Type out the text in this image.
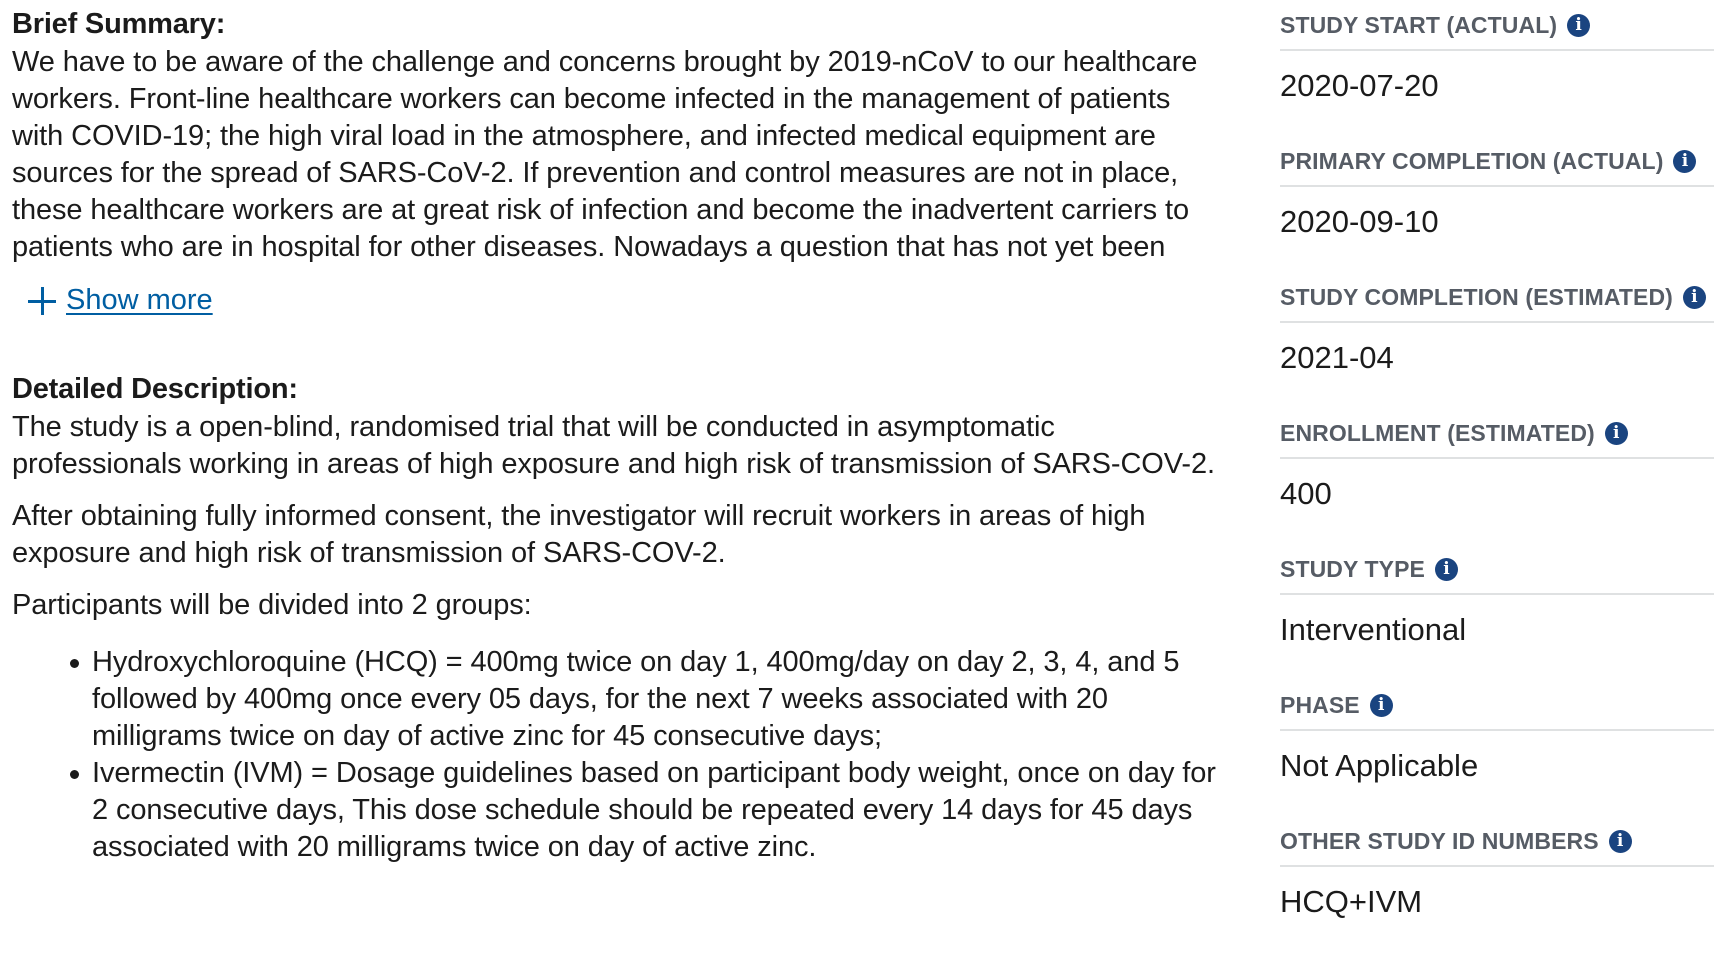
Brief Summary:

We have to be aware of the challenge and concerns brought by 2019-nCoV to our healthcare workers. Front-line healthcare workers can become infected in the management of patients with COVID-19; the high viral load in the atmosphere, and infected medical equipment are sources for the spread of SARS-CoV-2. If prevention and control measures are not in place, these healthcare workers are at great risk of infection and become the inadvertent carriers to patients who are in hospital for other diseases. Nowadays a question that has not yet been

Show more
Detailed Description:

The study is a open-blind, randomised trial that will be conducted in asymptomatic professionals working in areas of high exposure and high risk of transmission of SARS-COV-2.

After obtaining fully informed consent, the investigator will recruit workers in areas of high exposure and high risk of transmission of SARS-COV-2.

Participants will be divided into 2 groups:

Hydroxychloroquine (HCQ) = 400mg twice on day 1, 400mg/day on day 2, 3, 4, and 5 followed by 400mg once every 05 days, for the next 7 weeks associated with 20 milligrams twice on day of active zinc for 45 consecutive days;
Ivermectin (IVM) = Dosage guidelines based on participant body weight, once on day for 2 consecutive days, This dose schedule should be repeated every 14 days for 45 days associated with 20 milligrams twice on day of active zinc.
STUDY START (ACTUAL)	i
2020-07-20
PRIMARY COMPLETION (ACTUAL)	i
2020-09-10
STUDY COMPLETION (ESTIMATED)	i
2021-04
ENROLLMENT (ESTIMATED)	i
400
STUDY TYPE	i
Interventional
PHASE	i
Not Applicable
OTHER STUDY ID NUMBERS	i
HCQ+IVM
